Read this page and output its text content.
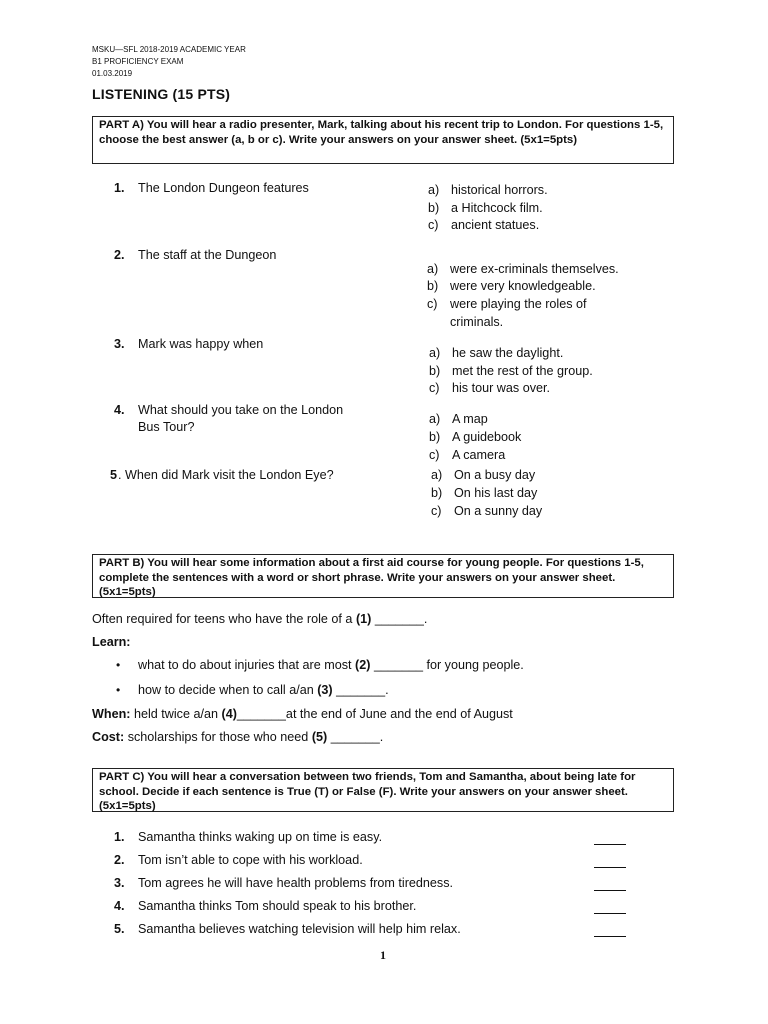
MSKU—SFL 2018-2019 ACADEMIC YEAR
B1 PROFICIENCY EXAM
01.03.2019
LISTENING (15 PTS)
PART A) You will hear a radio presenter, Mark, talking about his recent trip to London. For questions 1-5, choose the best answer (a, b or c). Write your answers on your answer sheet. (5x1=5pts)
1. The London Dungeon features	a) historical horrors.
b) a Hitchcock film.
c) ancient statues.
2. The staff at the Dungeon
a) were ex-criminals themselves.
b) were very knowledgeable.
c) were playing the roles of
criminals.
3. Mark was happy when
a) he saw the daylight.
b) met the rest of the group.
c) his tour was over.
4. What should you take on the London
Bus Tour?
a) A map
b) A guidebook
c) A camera
5 . When did Mark visit the London Eye?	a) On a busy day
b) On his last day
c) On a sunny day
PART B) You will hear some information about a first aid course for young people. For questions 1-5, complete the sentences with a word or short phrase. Write your answers on your answer sheet. (5x1=5pts)
Often required for teens who have the role of a (1) _______.
Learn:
• what to do about injuries that are most (2) _______ for young people.
• how to decide when to call a/an (3) _______.
When: held twice a/an (4)_______at the end of June and the end of August
Cost: scholarships for those who need (5) _______.
PART C) You will hear a conversation between two friends, Tom and Samantha, about being late for school. Decide if each sentence is True (T) or False (F). Write your answers on your answer sheet. (5x1=5pts)
1. Samantha thinks waking up on time is easy.
2. Tom isn’t able to cope with his workload.
3. Tom agrees he will have health problems from tiredness.
4. Samantha thinks Tom should speak to his brother.
5. Samantha believes watching television will help him relax.
1
